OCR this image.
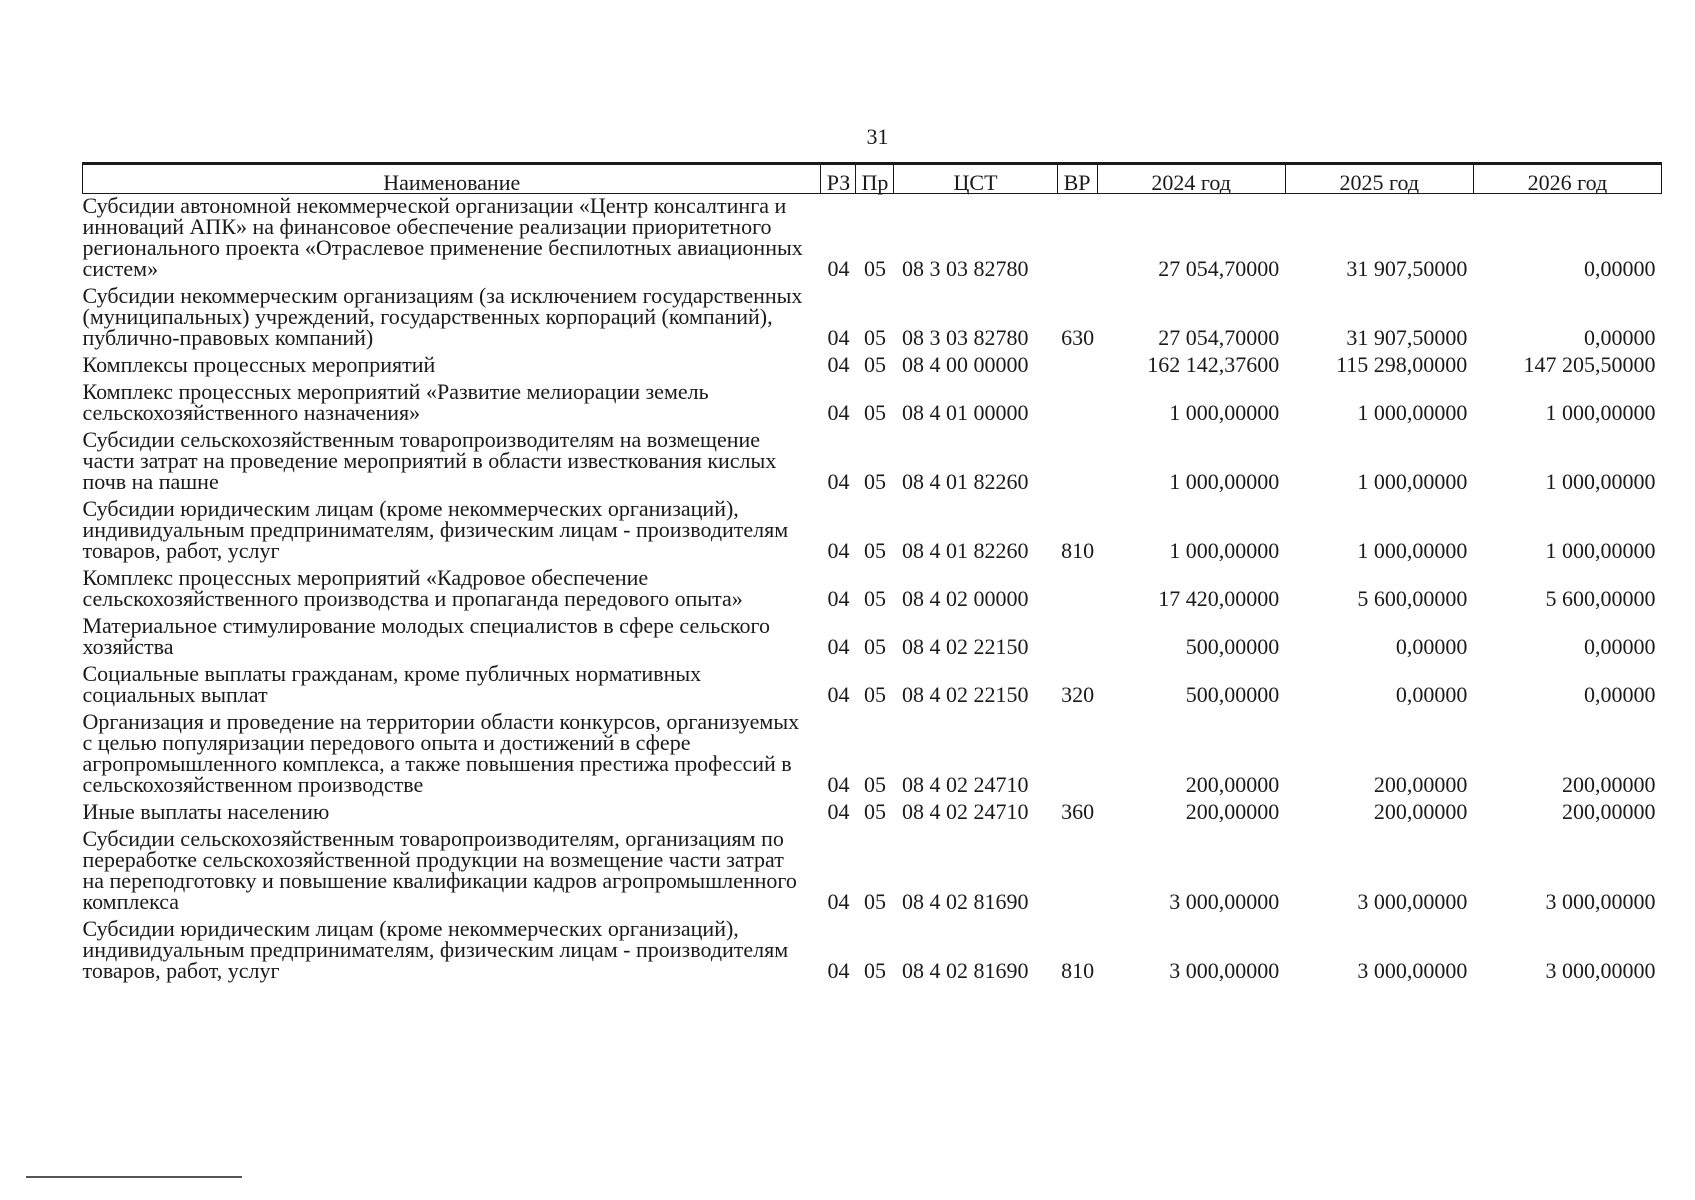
31
Наименование	РЗ	Пр	ЦСТ	ВР	2024 год	2025 год	2026 год
Субсидии автономной некоммерческой организации «Центр консалтинга и инноваций АПК» на финансовое обеспечение реализации приоритетного регионального проекта «Отраслевое применение беспилотных авиационных систем»	04	05	08 3 03 82780		27 054,70000	31 907,50000	0,00000
Субсидии некоммерческим организациям (за исключением государственных (муниципальных) учреждений, государственных корпораций (компаний), публично-правовых компаний)	04	05	08 3 03 82780	630	27 054,70000	31 907,50000	0,00000
Комплексы процессных мероприятий	04	05	08 4 00 00000		162 142,37600	115 298,00000	147 205,50000
Комплекс процессных мероприятий «Развитие мелиорации земель сельскохозяйственного назначения»	04	05	08 4 01 00000		1 000,00000	1 000,00000	1 000,00000
Субсидии сельскохозяйственным товаропроизводителям на возмещение части затрат на проведение мероприятий в области известкования кислых почв на пашне	04	05	08 4 01 82260		1 000,00000	1 000,00000	1 000,00000
Субсидии юридическим лицам (кроме некоммерческих организаций), индивидуальным предпринимателям, физическим лицам - производителям товаров, работ, услуг	04	05	08 4 01 82260	810	1 000,00000	1 000,00000	1 000,00000
Комплекс процессных мероприятий «Кадровое обеспечение сельскохозяйственного производства и пропаганда передового опыта»	04	05	08 4 02 00000		17 420,00000	5 600,00000	5 600,00000
Материальное стимулирование молодых специалистов в сфере сельского хозяйства	04	05	08 4 02 22150		500,00000	0,00000	0,00000
Социальные выплаты гражданам, кроме публичных нормативных социальных выплат	04	05	08 4 02 22150	320	500,00000	0,00000	0,00000
Организация и проведение на территории области конкурсов, организуемых с целью популяризации передового опыта и достижений в сфере агропромышленного комплекса, а также повышения престижа профессий в сельскохозяйственном производстве	04	05	08 4 02 24710		200,00000	200,00000	200,00000
Иные выплаты населению	04	05	08 4 02 24710	360	200,00000	200,00000	200,00000
Субсидии сельскохозяйственным товаропроизводителям, организациям по переработке сельскохозяйственной продукции на возмещение части затрат на переподготовку и повышение квалификации кадров агропромышленного комплекса	04	05	08 4 02 81690		3 000,00000	3 000,00000	3 000,00000
Субсидии юридическим лицам (кроме некоммерческих организаций), индивидуальным предпринимателям, физическим лицам - производителям товаров, работ, услуг	04	05	08 4 02 81690	810	3 000,00000	3 000,00000	3 000,00000
